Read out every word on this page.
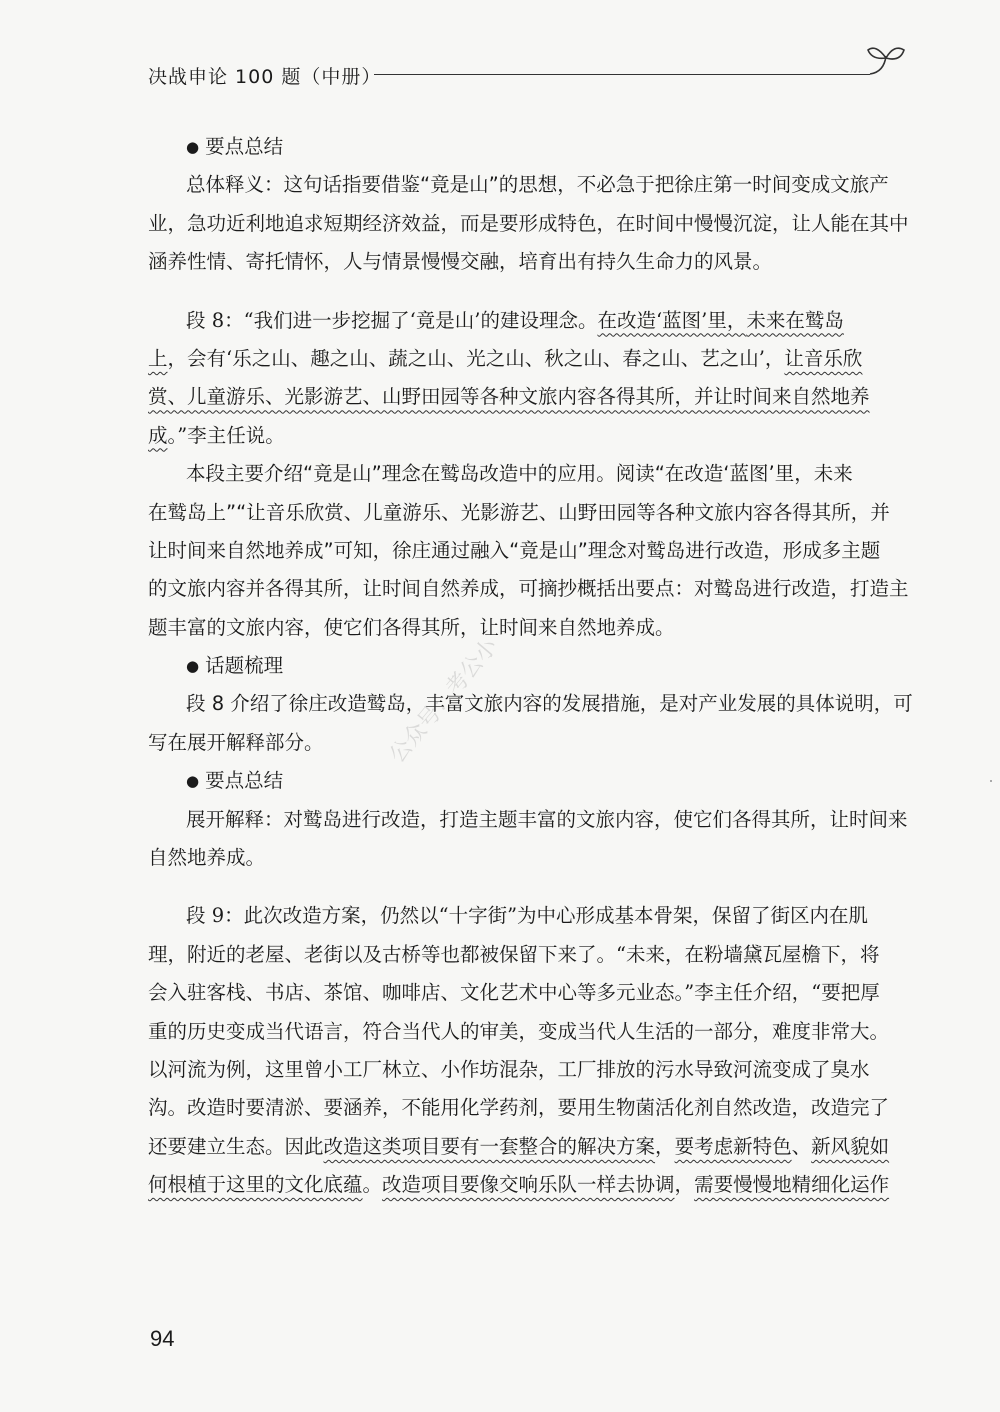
决战申论 100 题（中册）
● 要点总结
总体释义：这句话指要借鉴“竟是山”的思想，不必急于把徐庄第一时间变成文旅产
业，急功近利地追求短期经济效益，而是要形成特色，在时间中慢慢沉淀，让人能在其中
涵养性情、寄托情怀，人与情景慢慢交融，培育出有持久生命力的风景。
段 8：“我们进一步挖掘了‘竟是山’的建设理念。在改造‘蓝图’里，未来在鹫岛
上，会有‘乐之山、趣之山、蔬之山、光之山、秋之山、春之山、艺之山’，让音乐欣
赏、儿童游乐、光影游艺、山野田园等各种文旅内容各得其所，并让时间来自然地养
成。”李主任说。
本段主要介绍“竟是山”理念在鹫岛改造中的应用。阅读“在改造‘蓝图’里，未来
在鹫岛上”“让音乐欣赏、儿童游乐、光影游艺、山野田园等各种文旅内容各得其所，并
让时间来自然地养成”可知，徐庄通过融入“竟是山”理念对鹫岛进行改造，形成多主题
的文旅内容并各得其所，让时间自然养成，可摘抄概括出要点：对鹫岛进行改造，打造主
题丰富的文旅内容，使它们各得其所，让时间来自然地养成。
● 话题梳理
段 8 介绍了徐庄改造鹫岛，丰富文旅内容的发展措施，是对产业发展的具体说明，可
写在展开解释部分。
● 要点总结
展开解释：对鹫岛进行改造，打造主题丰富的文旅内容，使它们各得其所，让时间来
自然地养成。
段 9：此次改造方案，仍然以“十字街”为中心形成基本骨架，保留了街区内在肌
理，附近的老屋、老街以及古桥等也都被保留下来了。“未来，在粉墙黛瓦屋檐下，将
会入驻客栈、书店、茶馆、咖啡店、文化艺术中心等多元业态。”李主任介绍，“要把厚
重的历史变成当代语言，符合当代人的审美，变成当代人生活的一部分，难度非常大。
以河流为例，这里曾小工厂林立、小作坊混杂，工厂排放的污水导致河流变成了臭水
沟。改造时要清淤、要涵养，不能用化学药剂，要用生物菌活化剂自然改造，改造完了
还要建立生态。因此改造这类项目要有一套整合的解决方案，要考虑新特色、新风貌如
何根植于这里的文化底蕴。改造项目要像交响乐队一样去协调，需要慢慢地精细化运作
公众号：考公小
94
